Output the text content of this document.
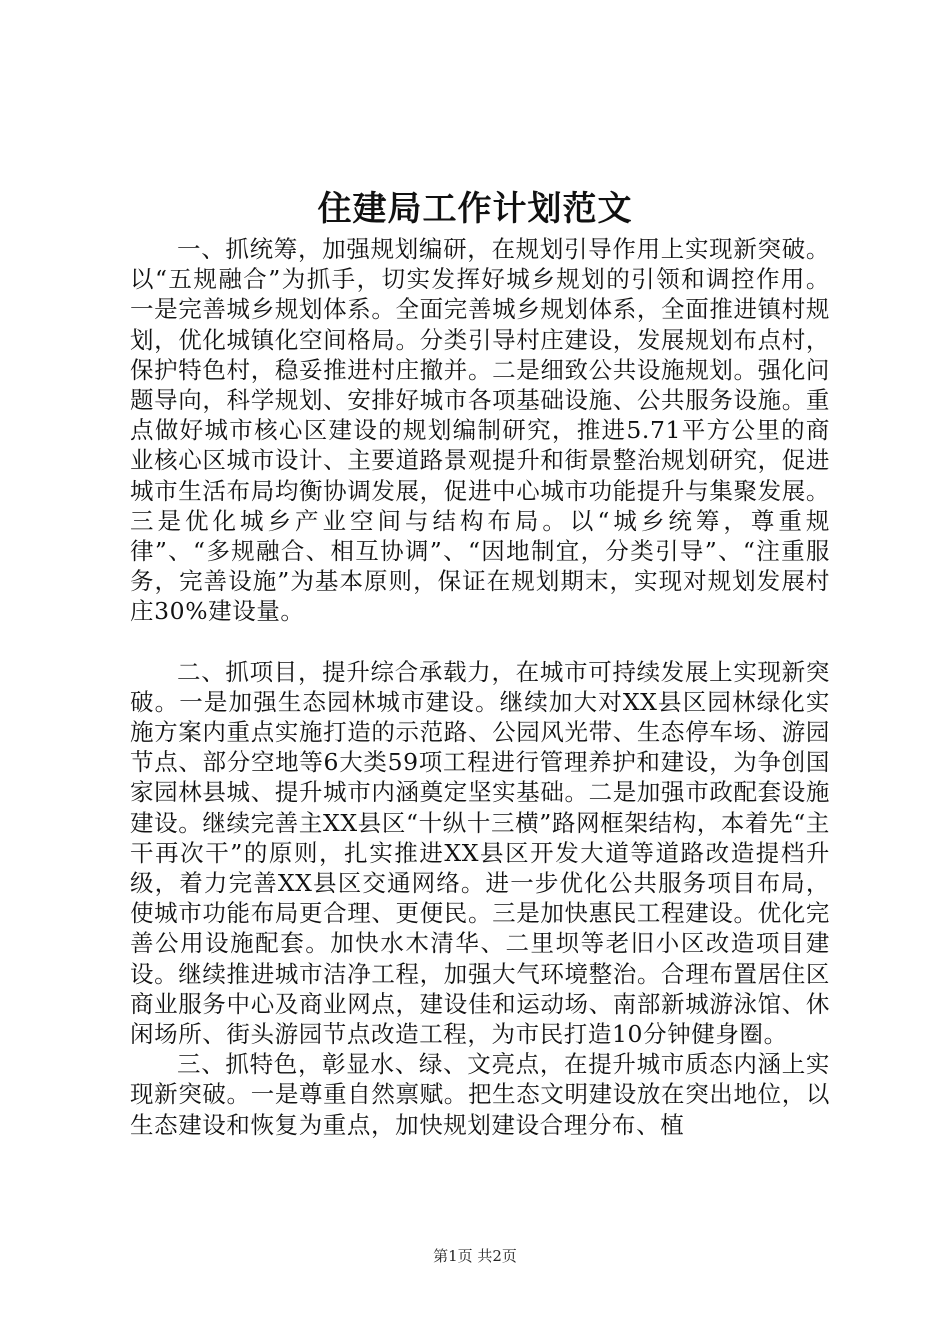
住建局工作计划范文

一、抓统筹，加强规划编研，在规划引导作用上实现新突破。以“五规融合”为抓手，切实发挥好城乡规划的引领和调控作用。一是完善城乡规划体系。全面完善城乡规划体系，全面推进镇村规划，优化城镇化空间格局。分类引导村庄建设，发展规划布点村，保护特色村，稳妥推进村庄撤并。二是细致公共设施规划。强化问题导向，科学规划、安排好城市各项基础设施、公共服务设施。重点做好城市核心区建设的规划编制研究，推进5.71平方公里的商业核心区城市设计、主要道路景观提升和街景整治规划研究，促进城市生活布局均衡协调发展，促进中心城市功能提升与集聚发展。三是优化城乡产业空间与结构布局。以“城乡统筹，尊重规律”、“多规融合、相互协调”、“因地制宜，分类引导”、“注重服务，完善设施”为基本原则，保证在规划期末，实现对规划发展村庄30%建设量。

二、抓项目，提升综合承载力，在城市可持续发展上实现新突破。一是加强生态园林城市建设。继续加大对XX县区园林绿化实施方案内重点实施打造的示范路、公园风光带、生态停车场、游园节点、部分空地等6大类59项工程进行管理养护和建设，为争创国家园林县城、提升城市内涵奠定坚实基础。二是加强市政配套设施建设。继续完善主XX县区“十纵十三横”路网框架结构，本着先“主干再次干”的原则，扎实推进XX县区开发大道等道路改造提档升级，着力完善XX县区交通网络。进一步优化公共服务项目布局，使城市功能布局更合理、更便民。三是加快惠民工程建设。优化完善公用设施配套。加快水木清华、二里坝等老旧小区改造项目建设。继续推进城市洁净工程，加强大气环境整治。合理布置居住区商业服务中心及商业网点，建设佳和运动场、南部新城游泳馆、休闲场所、街头游园节点改造工程，为市民打造10分钟健身圈。

三、抓特色，彰显水、绿、文亮点，在提升城市质态内涵上实现新突破。一是尊重自然禀赋。把生态文明建设放在突出地位，以生态建设和恢复为重点，加快规划建设合理分布、植

第1页 共2页
